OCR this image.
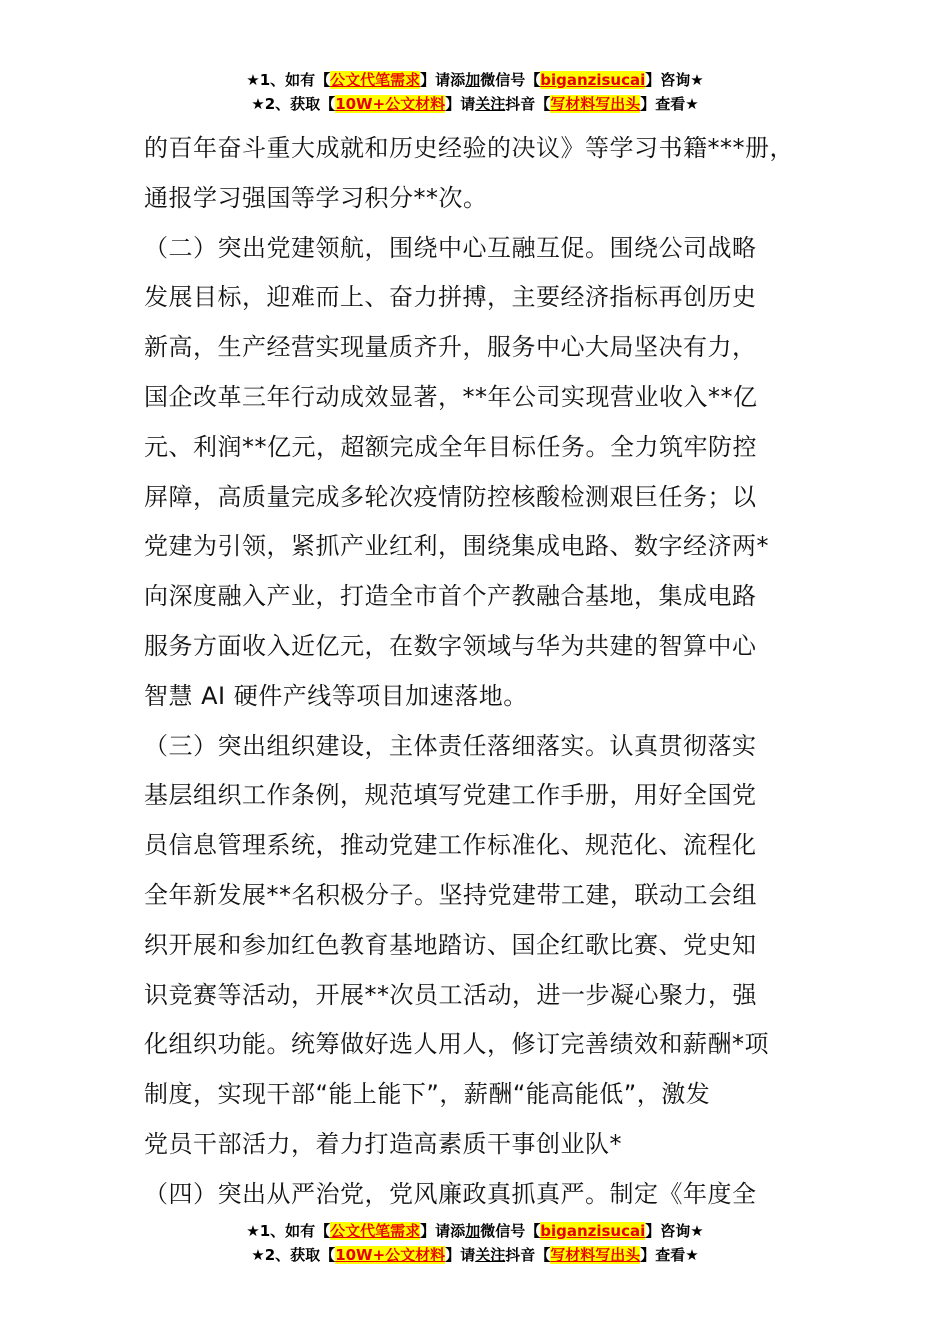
★1、如有【公文代笔需求】请添加微信号【biganzisucai】咨询★
★2、获取【10W+公文材料】请关注抖音【写材料写出头】查看★
的百年奋斗重大成就和历史经验的决议》等学习书籍***册，
通报学习强国等学习积分**次。
（二）突出党建领航，围绕中心互融互促。围绕公司战略
发展目标，迎难而上、奋力拼搏，主要经济指标再创历史
新高，生产经营实现量质齐升，服务中心大局坚决有力，
国企改革三年行动成效显著，**年公司实现营业收入**亿
元、利润**亿元，超额完成全年目标任务。全力筑牢防控
屏障，高质量完成多轮次疫情防控核酸检测艰巨任务；以
党建为引领，紧抓产业红利，围绕集成电路、数字经济两*
向深度融入产业，打造全市首个产教融合基地，集成电路
服务方面收入近亿元，在数字领域与华为共建的智算中心
智慧 AI 硬件产线等项目加速落地。
（三）突出组织建设，主体责任落细落实。认真贯彻落实
基层组织工作条例，规范填写党建工作手册，用好全国党
员信息管理系统，推动党建工作标准化、规范化、流程化
全年新发展**名积极分子。坚持党建带工建，联动工会组
织开展和参加红色教育基地踏访、国企红歌比赛、党史知
识竞赛等活动，开展**次员工活动，进一步凝心聚力，强
化组织功能。统筹做好选人用人，修订完善绩效和薪酬*项
制度，实现干部“能上能下”，薪酬“能高能低”，激发
党员干部活力，着力打造高素质干事创业队*
（四）突出从严治党，党风廉政真抓真严。制定《年度全
★1、如有【公文代笔需求】请添加微信号【biganzisucai】咨询★
★2、获取【10W+公文材料】请关注抖音【写材料写出头】查看★
